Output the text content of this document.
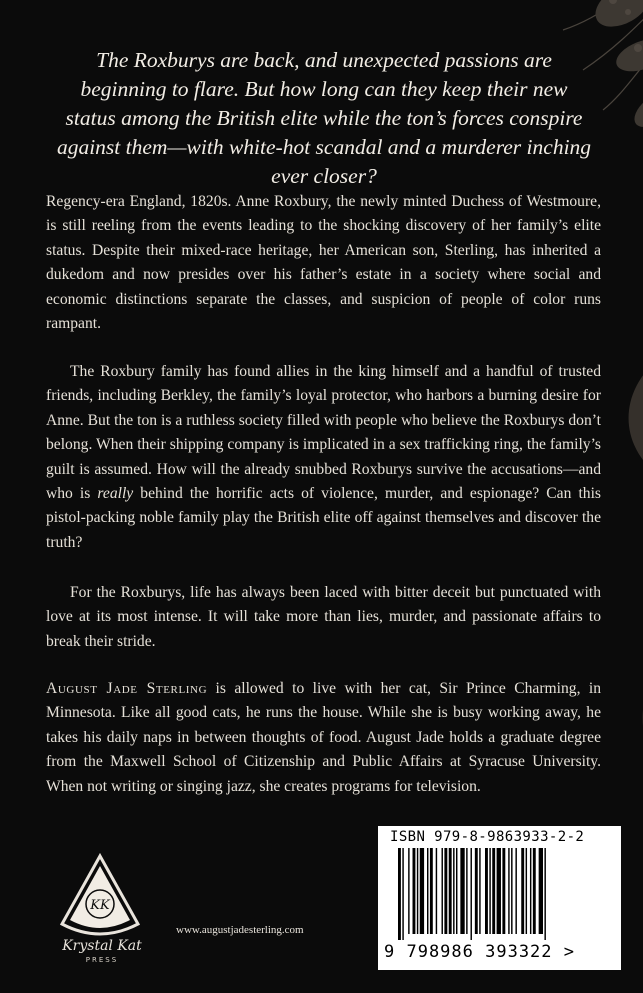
The Roxburys are back, and unexpected passions are beginning to flare. But how long can they keep their new status among the British elite while the ton’s forces conspire against them—with white-hot scandal and a murderer inching ever closer?

Regency-era England, 1820s. Anne Roxbury, the newly minted Duchess of Westmoure, is still reeling from the events leading to the shocking discovery of her family’s elite status. Despite their mixed-race heritage, her American son, Sterling, has inherited a dukedom and now presides over his father’s estate in a society where social and economic distinctions separate the classes, and suspicion of people of color runs rampant.

The Roxbury family has found allies in the king himself and a handful of trusted friends, including Berkley, the family’s loyal protector, who harbors a burning desire for Anne. But the ton is a ruthless society filled with people who believe the Roxburys don’t belong. When their shipping company is implicated in a sex trafficking ring, the family’s guilt is assumed. How will the already snubbed Roxburys survive the accusations—and who is really behind the horrific acts of violence, murder, and espionage? Can this pistol-packing noble family play the British elite off against themselves and discover the truth?

For the Roxburys, life has always been laced with bitter deceit but punctuated with love at its most intense. It will take more than lies, murder, and passionate affairs to break their stride.

August Jade Sterling is allowed to live with her cat, Sir Prince Charming, in Minnesota. Like all good cats, he runs the house. While she is busy working away, he takes his daily naps in between thoughts of food. August Jade holds a graduate degree from the Maxwell School of Citizenship and Public Affairs at Syracuse University. When not writing or singing jazz, she creates programs for television.

KK
Krystal Kat
PRESS
www.augustjadesterling.com
ISBN 979-8-9863933-2-2
9 798986 393322 >
